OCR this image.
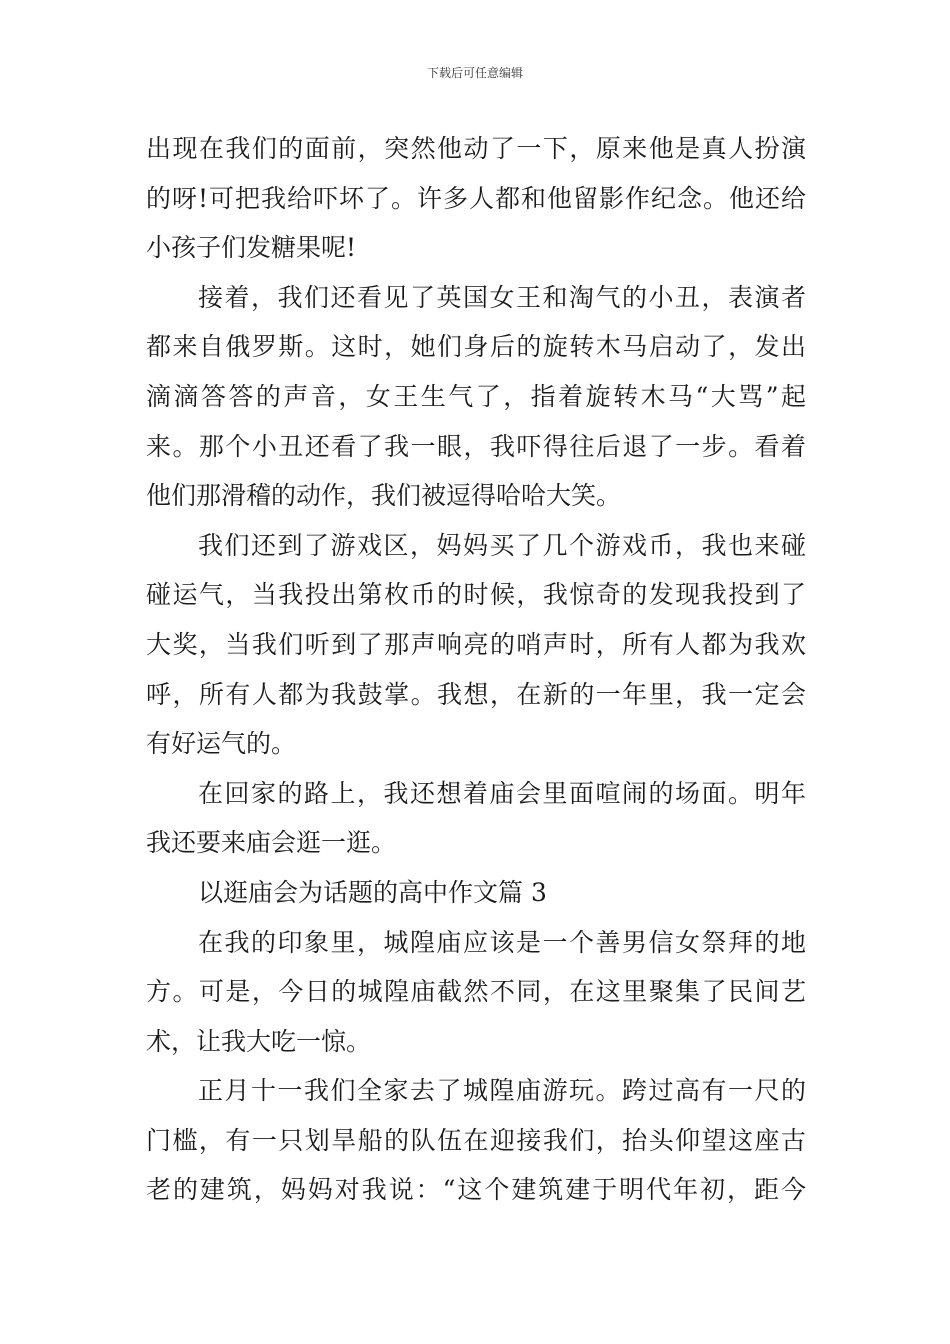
下载后可任意编辑
出现在我们的面前，突然他动了一下，原来他是真人扮演
的呀!可把我给吓坏了。许多人都和他留影作纪念。他还给
小孩子们发糖果呢!
接着，我们还看见了英国女王和淘气的小丑，表演者
都来自俄罗斯。这时，她们身后的旋转木马启动了，发出
滴滴答答的声音，女王生气了，指着旋转木马“大骂”起
来。那个小丑还看了我一眼，我吓得往后退了一步。看着
他们那滑稽的动作，我们被逗得哈哈大笑。
我们还到了游戏区，妈妈买了几个游戏币，我也来碰
碰运气，当我投出第枚币的时候，我惊奇的发现我投到了
大奖，当我们听到了那声响亮的哨声时，所有人都为我欢
呼，所有人都为我鼓掌。我想，在新的一年里，我一定会
有好运气的。
在回家的路上，我还想着庙会里面喧闹的场面。明年
我还要来庙会逛一逛。
以逛庙会为话题的高中作文篇 3
在我的印象里，城隍庙应该是一个善男信女祭拜的地
方。可是，今日的城隍庙截然不同，在这里聚集了民间艺
术，让我大吃一惊。
正月十一我们全家去了城隍庙游玩。跨过高有一尺的
门槛，有一只划旱船的队伍在迎接我们，抬头仰望这座古
老的建筑，妈妈对我说：“这个建筑建于明代年初，距今
